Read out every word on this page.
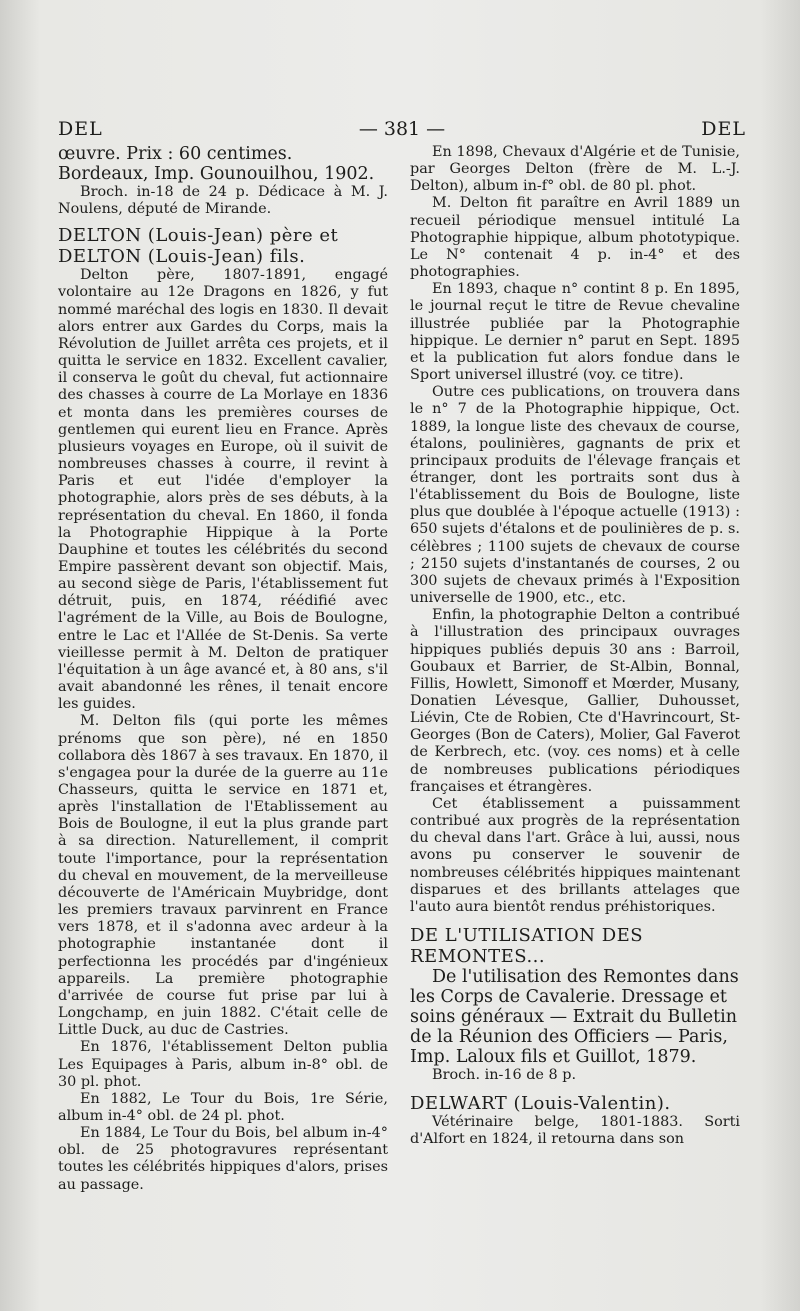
DEL	— 381 —	DEL

œuvre. Prix : 60 centimes. Bordeaux, Imp. Gounouilhou, 1902.

Broch. in-18 de 24 p. Dédicace à M. J. Noulens, député de Mirande.

DELTON (Louis-Jean) père et DELTON (Louis-Jean) fils.

Delton père, 1807-1891, engagé volontaire au 12e Dragons en 1826, y fut nommé maréchal des logis en 1830. Il devait alors entrer aux Gardes du Corps, mais la Révolution de Juillet arrêta ces projets, et il quitta le service en 1832. Excellent cavalier, il conserva le goût du cheval, fut actionnaire des chasses à courre de La Morlaye en 1836 et monta dans les premières courses de gentlemen qui eurent lieu en France. Après plusieurs voyages en Europe, où il suivit de nombreuses chasses à courre, il revint à Paris et eut l'idée d'employer la photographie, alors près de ses débuts, à la représentation du cheval. En 1860, il fonda la Photographie Hippique à la Porte Dauphine et toutes les célébrités du second Empire passèrent devant son objectif. Mais, au second siège de Paris, l'établissement fut détruit, puis, en 1874, réédifié avec l'agrément de la Ville, au Bois de Boulogne, entre le Lac et l'Allée de St-Denis. Sa verte vieillesse permit à M. Delton de pratiquer l'équitation à un âge avancé et, à 80 ans, s'il avait abandonné les rênes, il tenait encore les guides.

M. Delton fils (qui porte les mêmes prénoms que son père), né en 1850 collabora dès 1867 à ses travaux. En 1870, il s'engagea pour la durée de la guerre au 11e Chasseurs, quitta le service en 1871 et, après l'installation de l'Etablissement au Bois de Boulogne, il eut la plus grande part à sa direction. Naturellement, il comprit toute l'importance, pour la représentation du cheval en mouvement, de la merveilleuse découverte de l'Américain Muybridge, dont les premiers travaux parvinrent en France vers 1878, et il s'adonna avec ardeur à la photographie instantanée dont il perfectionna les procédés par d'ingénieux appareils. La première photographie d'arrivée de course fut prise par lui à Longchamp, en juin 1882. C'était celle de Little Duck, au duc de Castries.

En 1876, l'établissement Delton publia Les Equipages à Paris, album in-8° obl. de 30 pl. phot.

En 1882, Le Tour du Bois, 1re Série, album in-4° obl. de 24 pl. phot.

En 1884, Le Tour du Bois, bel album in-4° obl. de 25 photogravures représentant toutes les célébrités hippiques d'alors, prises au passage.

En 1898, Chevaux d'Algérie et de Tunisie, par Georges Delton (frère de M. L.-J. Delton), album in-f° obl. de 80 pl. phot.

M. Delton fit paraître en Avril 1889 un recueil périodique mensuel intitulé La Photographie hippique, album phototypique. Le N° contenait 4 p. in-4° et des photographies.

En 1893, chaque n° contint 8 p. En 1895, le journal reçut le titre de Revue chevaline illustrée publiée par la Photographie hippique. Le dernier n° parut en Sept. 1895 et la publication fut alors fondue dans le Sport universel illustré (voy. ce titre).

Outre ces publications, on trouvera dans le n° 7 de la Photographie hippique, Oct. 1889, la longue liste des chevaux de course, étalons, poulinières, gagnants de prix et principaux produits de l'élevage français et étranger, dont les portraits sont dus à l'établissement du Bois de Boulogne, liste plus que doublée à l'époque actuelle (1913) : 650 sujets d'étalons et de poulinières de p. s. célèbres ; 1100 sujets de chevaux de course ; 2150 sujets d'instantanés de courses, 2 ou 300 sujets de chevaux primés à l'Exposition universelle de 1900, etc., etc.

Enfin, la photographie Delton a contribué à l'illustration des principaux ouvrages hippiques publiés depuis 30 ans : Barroil, Goubaux et Barrier, de St-Albin, Bonnal, Fillis, Howlett, Simonoff et Mœrder, Musany, Donatien Lévesque, Gallier, Duhousset, Liévin, Cte de Robien, Cte d'Havrincourt, St-Georges (Bon de Caters), Molier, Gal Faverot de Kerbrech, etc. (voy. ces noms) et à celle de nombreuses publications périodiques françaises et étrangères.

Cet établissement a puissamment contribué aux progrès de la représentation du cheval dans l'art. Grâce à lui, aussi, nous avons pu conserver le souvenir de nombreuses célébrités hippiques maintenant disparues et des brillants attelages que l'auto aura bientôt rendus préhistoriques.

DE L'UTILISATION DES REMONTES...

De l'utilisation des Remontes dans les Corps de Cavalerie. Dressage et soins généraux — Extrait du Bulletin de la Réunion des Officiers — Paris, Imp. Laloux fils et Guillot, 1879.

Broch. in-16 de 8 p.

DELWART (Louis-Valentin).

Vétérinaire belge, 1801-1883. Sorti d'Alfort en 1824, il retourna dans son
